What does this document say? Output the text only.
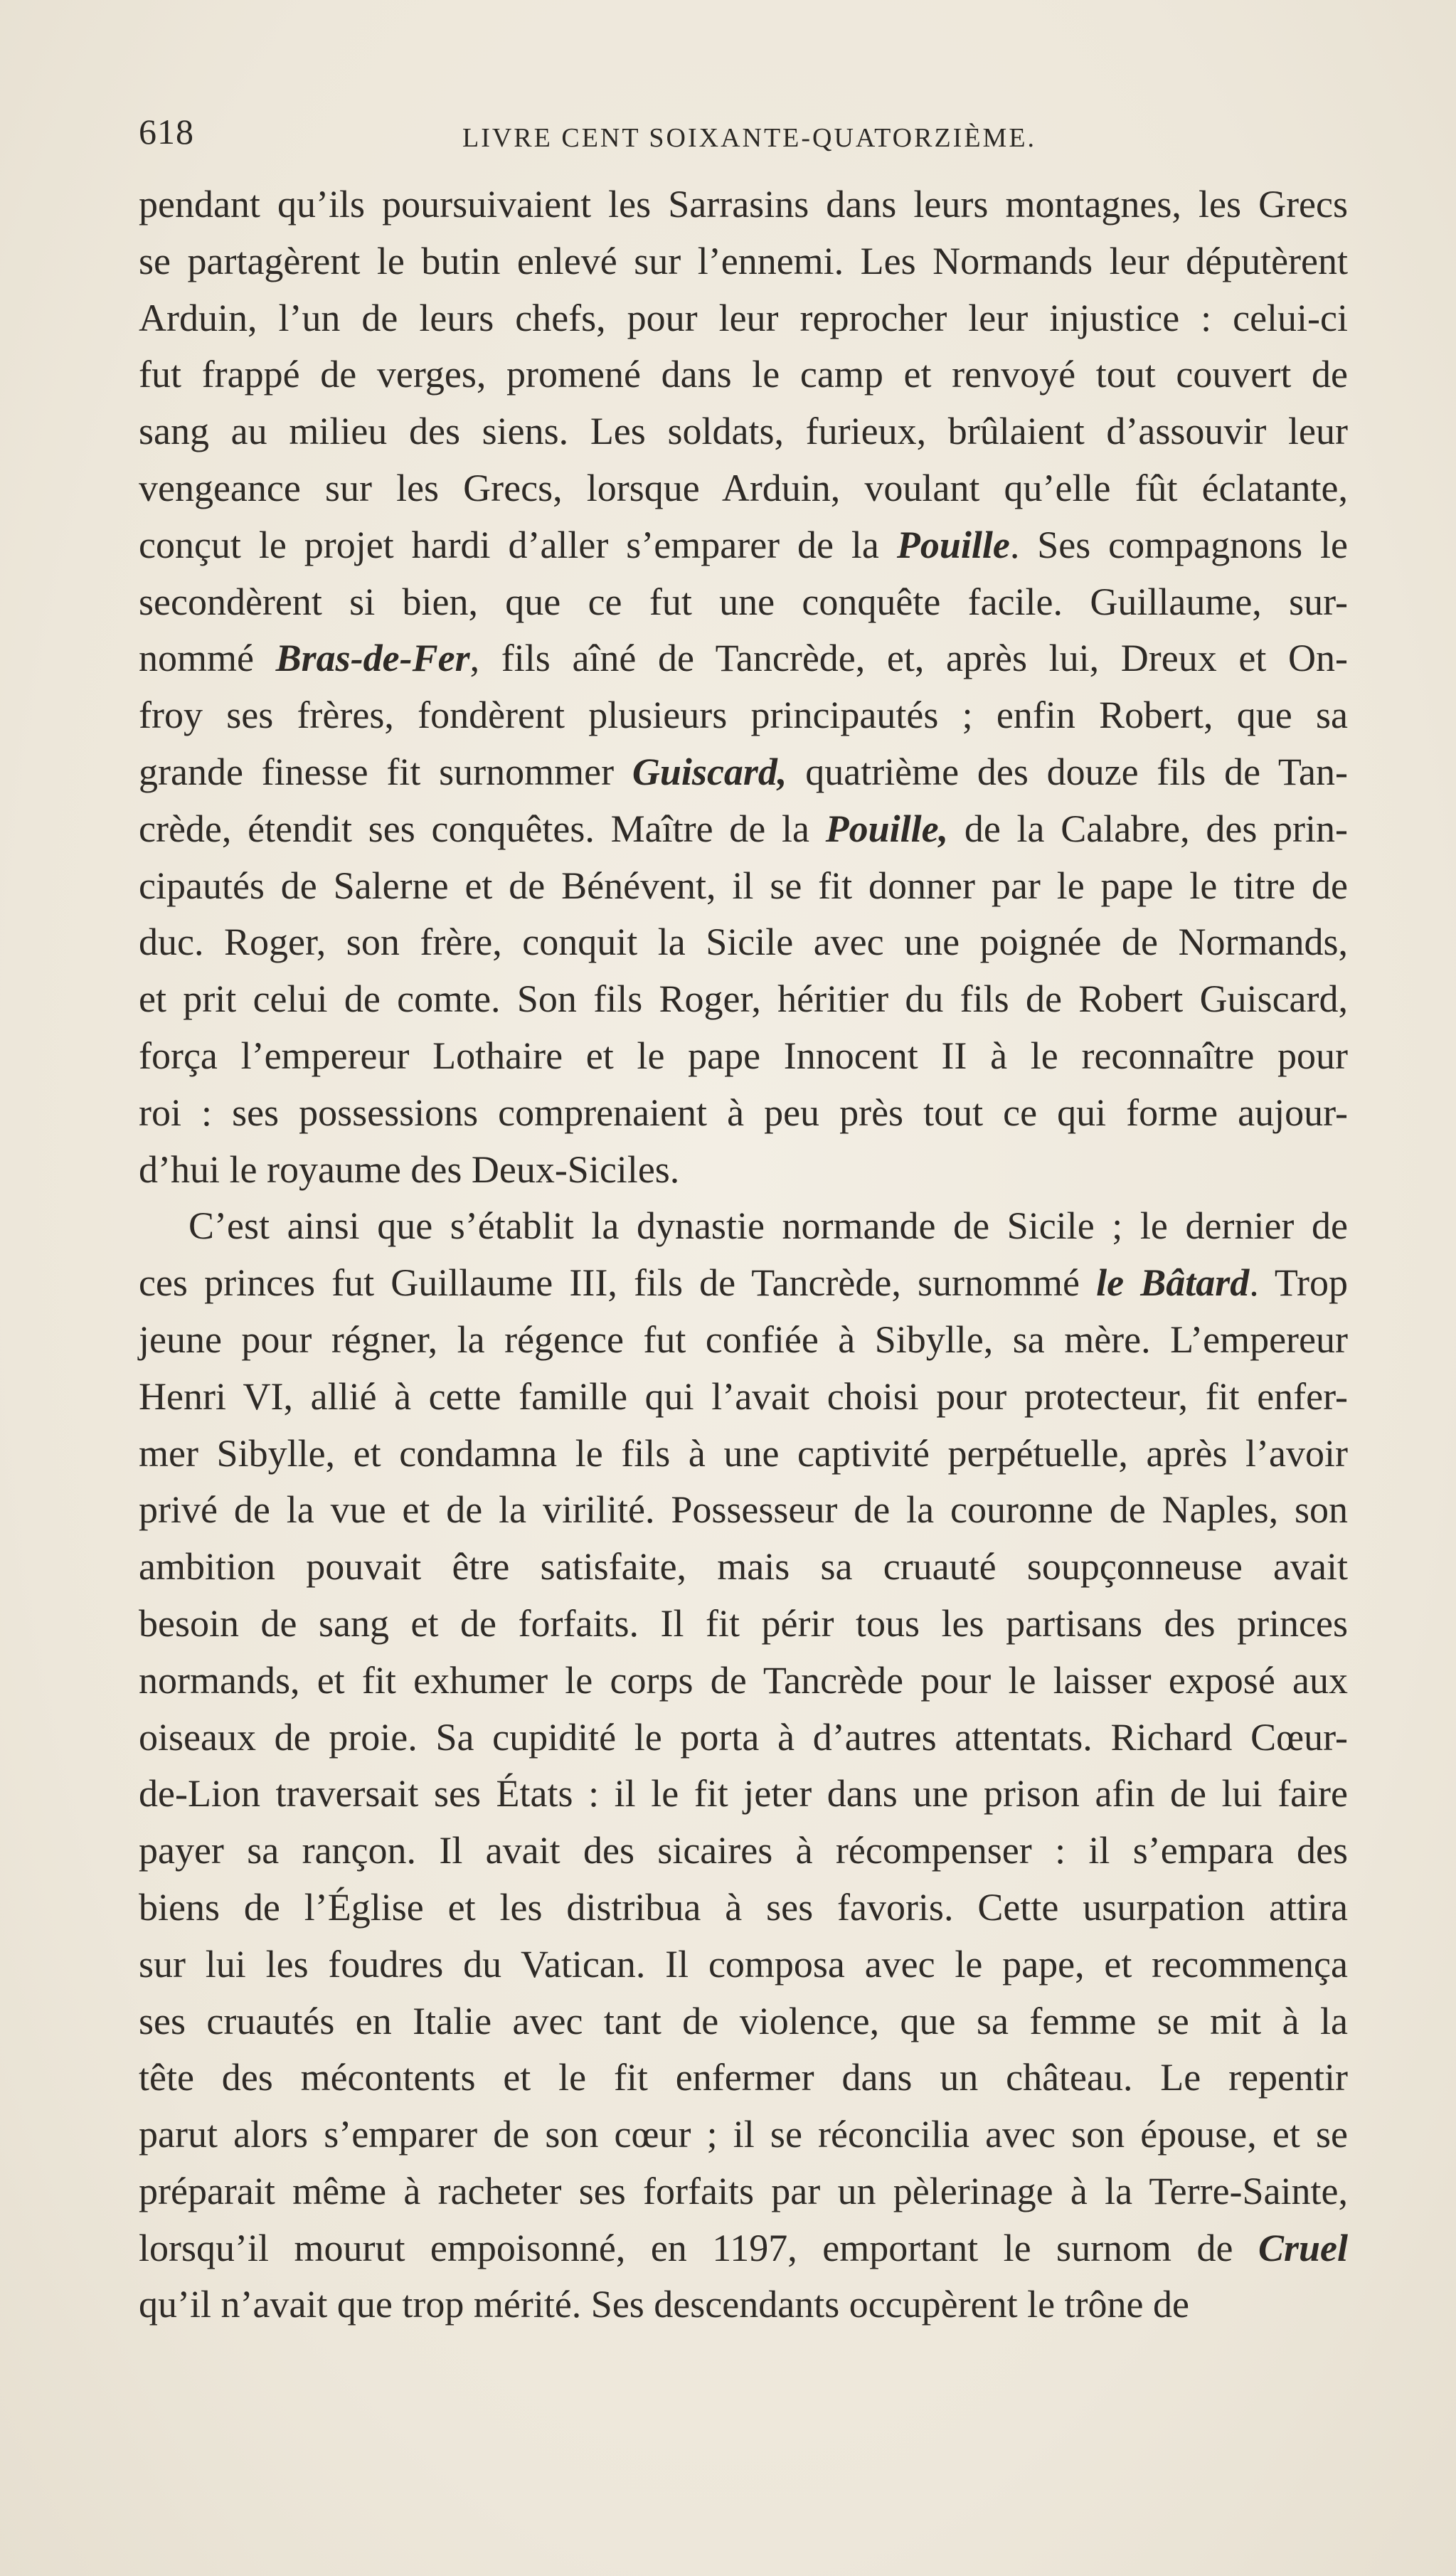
618	LIVRE CENT SOIXANTE-QUATORZIÈME.
pendant qu’ils poursuivaient les Sarrasins dans leurs montagnes, les Grecs
se partagèrent le butin enlevé sur l’ennemi. Les Normands leur députèrent
Arduin, l’un de leurs chefs, pour leur reprocher leur injustice : celui-ci
fut frappé de verges, promené dans le camp et renvoyé tout couvert de
sang au milieu des siens. Les soldats, furieux, brûlaient d’assouvir leur
vengeance sur les Grecs, lorsque Arduin, voulant qu’elle fût éclatante,
conçut le projet hardi d’aller s’emparer de la Pouille. Ses compagnons le
secondèrent si bien, que ce fut une conquête facile. Guillaume, sur-
nommé Bras-de-Fer, fils aîné de Tancrède, et, après lui, Dreux et On-
froy ses frères, fondèrent plusieurs principautés ; enfin Robert, que sa
grande finesse fit surnommer Guiscard, quatrième des douze fils de Tan-
crède, étendit ses conquêtes. Maître de la Pouille, de la Calabre, des prin-
cipautés de Salerne et de Bénévent, il se fit donner par le pape le titre de
duc. Roger, son frère, conquit la Sicile avec une poignée de Normands,
et prit celui de comte. Son fils Roger, héritier du fils de Robert Guiscard,
força l’empereur Lothaire et le pape Innocent II à le reconnaître pour
roi : ses possessions comprenaient à peu près tout ce qui forme aujour-
d’hui le royaume des Deux-Siciles.
C’est ainsi que s’établit la dynastie normande de Sicile ; le dernier de
ces princes fut Guillaume III, fils de Tancrède, surnommé le Bâtard. Trop
jeune pour régner, la régence fut confiée à Sibylle, sa mère. L’empereur
Henri VI, allié à cette famille qui l’avait choisi pour protecteur, fit enfer-
mer Sibylle, et condamna le fils à une captivité perpétuelle, après l’avoir
privé de la vue et de la virilité. Possesseur de la couronne de Naples, son
ambition pouvait être satisfaite, mais sa cruauté soupçonneuse avait
besoin de sang et de forfaits. Il fit périr tous les partisans des princes
normands, et fit exhumer le corps de Tancrède pour le laisser exposé aux
oiseaux de proie. Sa cupidité le porta à d’autres attentats. Richard Cœur-
de-Lion traversait ses États : il le fit jeter dans une prison afin de lui faire
payer sa rançon. Il avait des sicaires à récompenser : il s’empara des
biens de l’Église et les distribua à ses favoris. Cette usurpation attira
sur lui les foudres du Vatican. Il composa avec le pape, et recommença
ses cruautés en Italie avec tant de violence, que sa femme se mit à la
tête des mécontents et le fit enfermer dans un château. Le repentir
parut alors s’emparer de son cœur ; il se réconcilia avec son épouse, et se
préparait même à racheter ses forfaits par un pèlerinage à la Terre-Sainte,
lorsqu’il mourut empoisonné, en 1197, emportant le surnom de Cruel
qu’il n’avait que trop mérité. Ses descendants occupèrent le trône de
